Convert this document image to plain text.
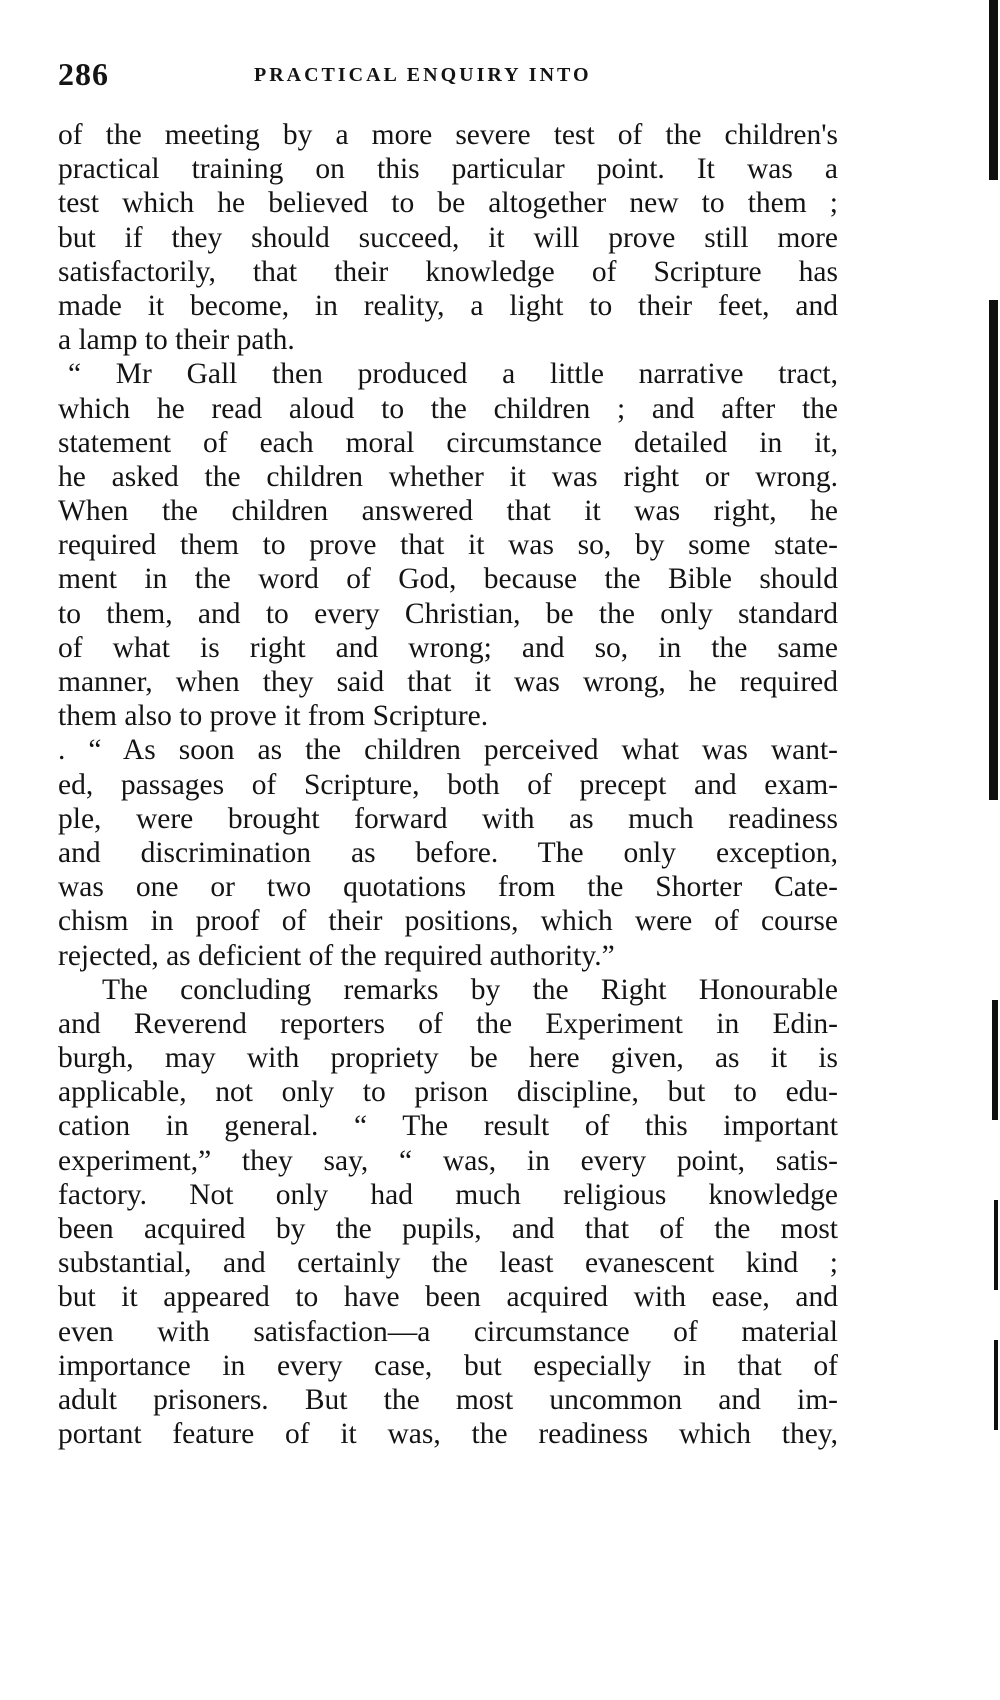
286	PRACTICAL ENQUIRY INTO
of the meeting by a more severe test of the children's
practical training on this particular point. It was a
test which he believed to be altogether new to them ;
but if they should succeed, it will prove still more
satisfactorily, that their knowledge of Scripture has
made it become, in reality, a light to their feet, and
a lamp to their path.
“ Mr Gall then produced a little narrative tract,
which he read aloud to the children ; and after the
statement of each moral circumstance detailed in it,
he asked the children whether it was right or wrong.
When the children answered that it was right, he
required them to prove that it was so, by some state-
ment in the word of God, because the Bible should
to them, and to every Christian, be the only standard
of what is right and wrong; and so, in the same
manner, when they said that it was wrong, he required
them also to prove it from Scripture.
. “ As soon as the children perceived what was want-
ed, passages of Scripture, both of precept and exam-
ple, were brought forward with as much readiness
and discrimination as before. The only exception,
was one or two quotations from the Shorter Cate-
chism in proof of their positions, which were of course
rejected, as deficient of the required authority.”
The concluding remarks by the Right Honourable
and Reverend reporters of the Experiment in Edin-
burgh, may with propriety be here given, as it is
applicable, not only to prison discipline, but to edu-
cation in general. “ The result of this important
experiment,” they say, “ was, in every point, satis-
factory. Not only had much religious knowledge
been acquired by the pupils, and that of the most
substantial, and certainly the least evanescent kind ;
but it appeared to have been acquired with ease, and
even with satisfaction—a circumstance of material
importance in every case, but especially in that of
adult prisoners. But the most uncommon and im-
portant feature of it was, the readiness which they,
